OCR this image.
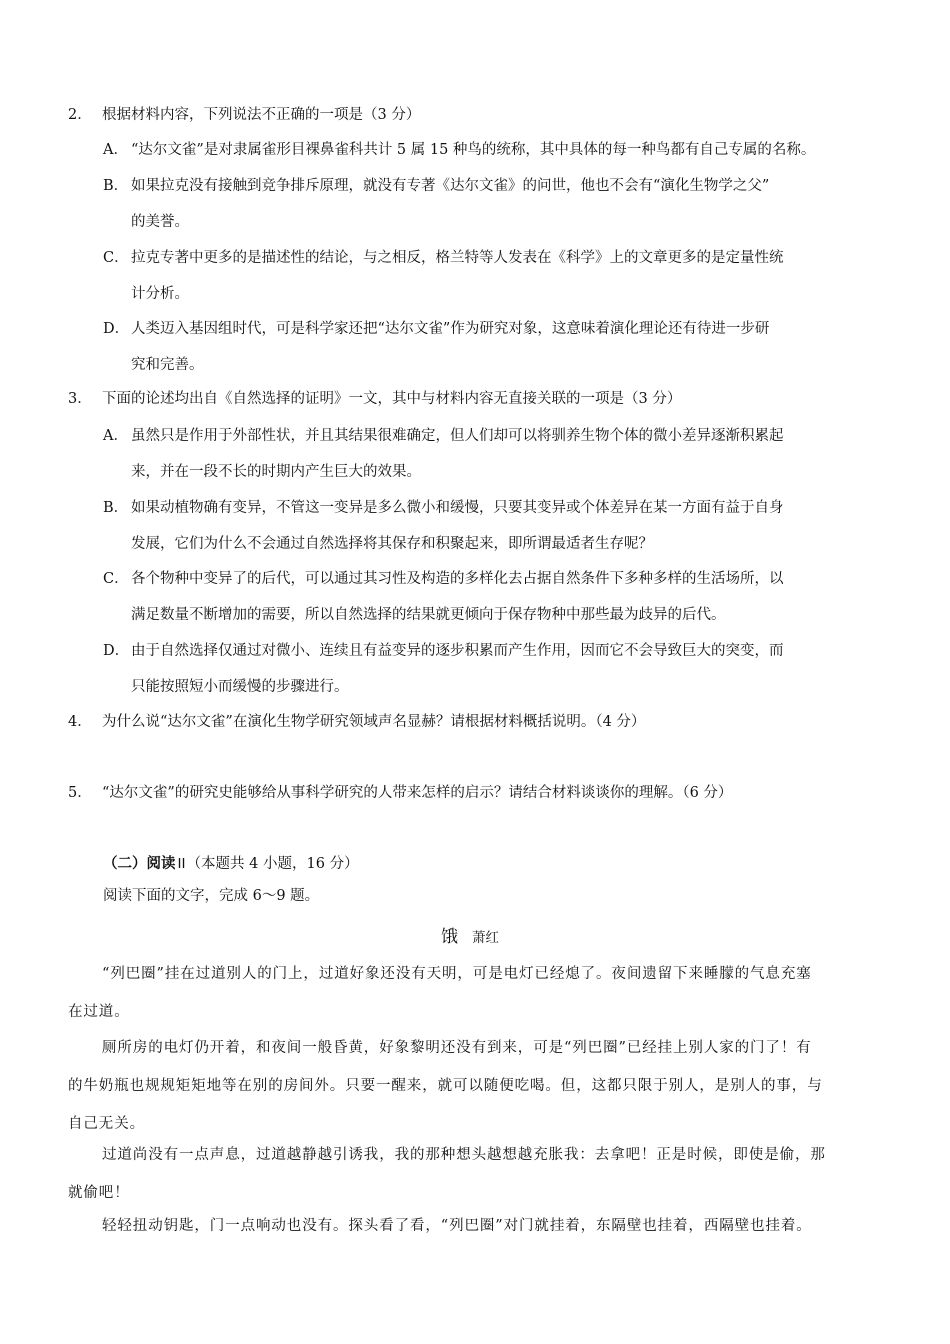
2． 根据材料内容，下列说法不正确的一项是（3 分）
A． “达尔文雀”是对隶属雀形目裸鼻雀科共计 5 属 15 种鸟的统称，其中具体的每一种鸟都有自己专属的名称。
B． 如果拉克没有接触到竞争排斥原理，就没有专著《达尔文雀》的问世，他也不会有“演化生物学之父”
的美誉。
C． 拉克专著中更多的是描述性的结论，与之相反，格兰特等人发表在《科学》上的文章更多的是定量性统
计分析。
D． 人类迈入基因组时代，可是科学家还把“达尔文雀”作为研究对象，这意味着演化理论还有待进一步研
究和完善。
3． 下面的论述均出自《自然选择的证明》一文，其中与材料内容无直接关联的一项是（3 分）
A． 虽然只是作用于外部性状，并且其结果很难确定，但人们却可以将驯养生物个体的微小差异逐渐积累起
来，并在一段不长的时期内产生巨大的效果。
B． 如果动植物确有变异，不管这一变异是多么微小和缓慢，只要其变异或个体差异在某一方面有益于自身
发展，它们为什么不会通过自然选择将其保存和积聚起来，即所谓最适者生存呢？
C． 各个物种中变异了的后代，可以通过其习性及构造的多样化去占据自然条件下多种多样的生活场所，以
满足数量不断增加的需要，所以自然选择的结果就更倾向于保存物种中那些最为歧异的后代。
D． 由于自然选择仅通过对微小、连续且有益变异的逐步积累而产生作用，因而它不会导致巨大的突变，而
只能按照短小而缓慢的步骤进行。
4． 为什么说“达尔文雀”在演化生物学研究领域声名显赫？请根据材料概括说明。（4 分）
5． “达尔文雀”的研究史能够给从事科学研究的人带来怎样的启示？请结合材料谈谈你的理解。（6 分）
（二）阅读 II（本题共 4 小题，16 分）
阅读下面的文字，完成 6～9 题。
饿 萧红
“列巴圈”挂在过道别人的门上，过道好象还没有天明，可是电灯已经熄了。夜间遗留下来睡朦的气息充塞
在过道。
厕所房的电灯仍开着，和夜间一般昏黄，好象黎明还没有到来，可是“列巴圈”已经挂上别人家的门了！有
的牛奶瓶也规规矩矩地等在别的房间外。只要一醒来，就可以随便吃喝。但，这都只限于别人，是别人的事，与
自己无关。
过道尚没有一点声息，过道越静越引诱我，我的那种想头越想越充胀我：去拿吧！正是时候，即使是偷，那
就偷吧！
轻轻扭动钥匙，门一点响动也没有。探头看了看，“列巴圈”对门就挂着，东隔壁也挂着，西隔壁也挂着。
